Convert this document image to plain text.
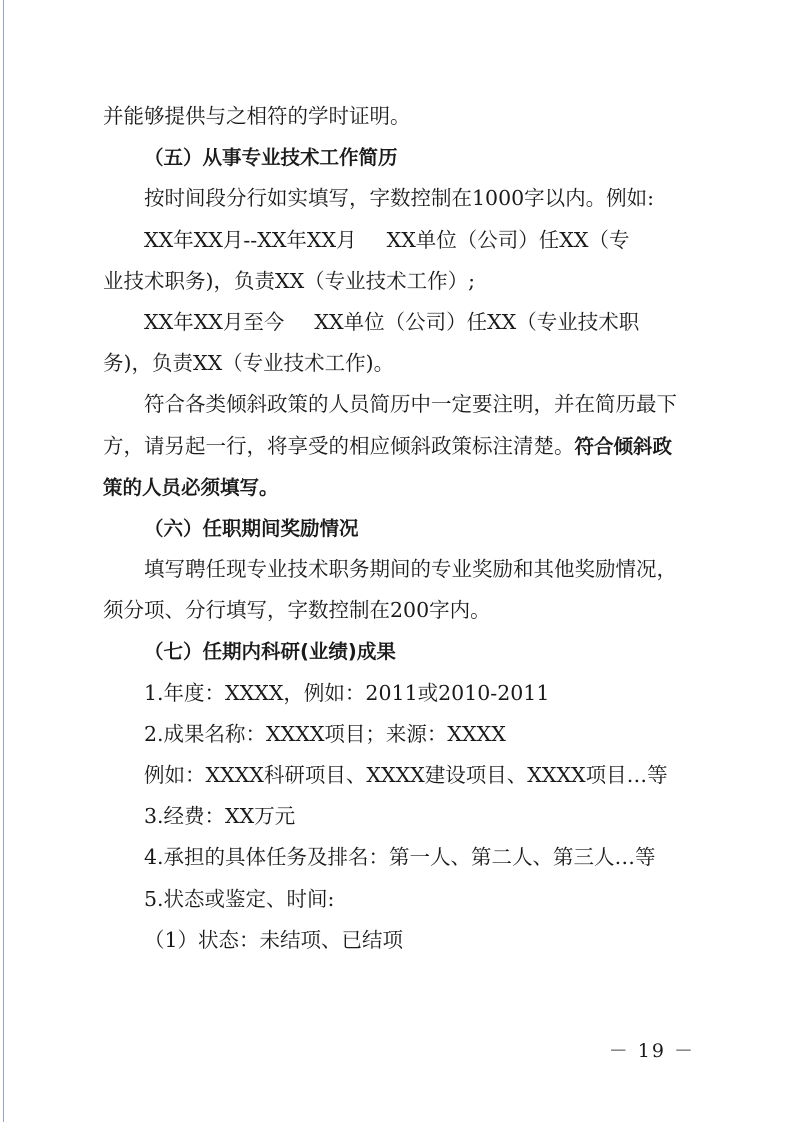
并能够提供与之相符的学时证明。
（五）从事专业技术工作简历
按时间段分行如实填写，字数控制在1000字以内。例如:
XX年XX月--XX年XX月 XX单位（公司）任XX（专
业技术职务)，负责XX（专业技术工作）;
XX年XX月至今 XX单位（公司）任XX（专业技术职
务)，负责XX（专业技术工作)。
符合各类倾斜政策的人员简历中一定要注明，并在简历最下
方，请另起一行，将享受的相应倾斜政策标注清楚。符合倾斜政
策的人员必须填写。
（六）任职期间奖励情况
填写聘任现专业技术职务期间的专业奖励和其他奖励情况，
须分项、分行填写，字数控制在200字内。
（七）任期内科研(业绩)成果
1.年度：XXXX，例如：2011或2010-2011
2.成果名称：XXXX项目；来源：XXXX
例如：XXXX科研项目、XXXX建设项目、XXXX项目…等
3.经费：XX万元
4.承担的具体任务及排名：第一人、第二人、第三人…等
5.状态或鉴定、时间:
（1）状态：未结项、已结项
－ 19 －
